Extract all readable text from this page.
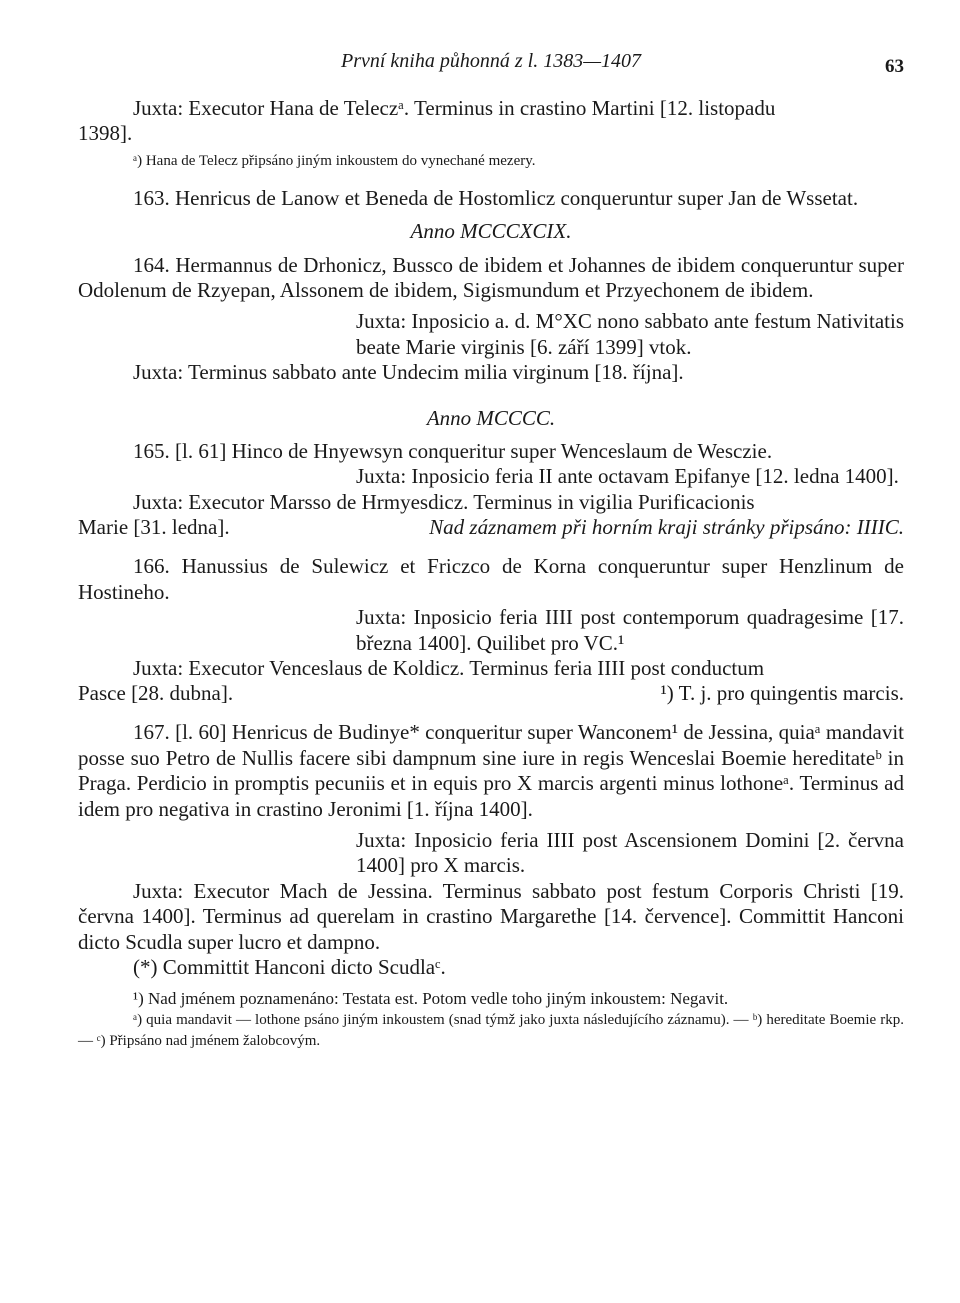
První kniha půhonná z l. 1383—1407	63

Juxta: Executor Hana de Teleczᵃ. Terminus in crastino Martini [12. listopadu

1398].

ᵃ) Hana de Telecz připsáno jiným inkoustem do vynechané mezery.

163. Henricus de Lanow et Beneda de Hostomlicz conqueruntur super Jan de Wssetat.

Anno MCCCXCIX.

164. Hermannus de Drhonicz, Bussco de ibidem et Johannes de ibidem conqueruntur super Odolenum de Rzyepan, Alssonem de ibidem, Sigismundum et Przyechonem de ibidem.

Juxta: Inposicio a. d. M°XC nono sabbato ante festum Nativitatis beate Marie virginis [6. září 1399] vtok.

Juxta: Terminus sabbato ante Undecim milia virginum [18. října].

Anno MCCCC.

165. [l. 61] Hinco de Hnyewsyn conqueritur super Wenceslaum de Wesczie.

Juxta: Inposicio feria II ante octavam Epifanye [12. ledna 1400].

Juxta: Executor Marsso de Hrmyesdicz. Terminus in vigilia Purificacionis

Marie [31. ledna].	Nad záznamem při horním kraji stránky připsáno: IIIIC.

166. Hanussius de Sulewicz et Friczco de Korna conqueruntur super Henzlinum de Hostineho.

Juxta: Inposicio feria IIII post contemporum quadragesime [17. března 1400]. Quilibet pro VC.¹

Juxta: Executor Venceslaus de Koldicz. Terminus feria IIII post conductum

Pasce [28. dubna].	¹) T. j. pro quingentis marcis.

167. [l. 60] Henricus de Budinye* conqueritur super Wanconem¹ de Jessina, quiaᵃ mandavit posse suo Petro de Nullis facere sibi dampnum sine iure in regis Wenceslai Boemie hereditateᵇ in Praga. Perdicio in promptis pecuniis et in equis pro X marcis argenti minus lothoneᵃ. Terminus ad idem pro negativa in crastino Jeronimi [1. října 1400].

Juxta: Inposicio feria IIII post Ascensionem Domini [2. června 1400] pro X marcis.

Juxta: Executor Mach de Jessina. Terminus sabbato post festum Corporis Christi [19. června 1400]. Terminus ad querelam in crastino Margarethe [14. července]. Committit Hanconi dicto Scudla super lucro et dampno.

(*) Committit Hanconi dicto Scudlaᶜ.

¹) Nad jménem poznamenáno: Testata est. Potom vedle toho jiným inkoustem: Negavit.

ᵃ) quia mandavit — lothone psáno jiným inkoustem (snad týmž jako juxta následujícího záznamu). — ᵇ) hereditate Boemie rkp. — ᶜ) Připsáno nad jménem žalobcovým.
